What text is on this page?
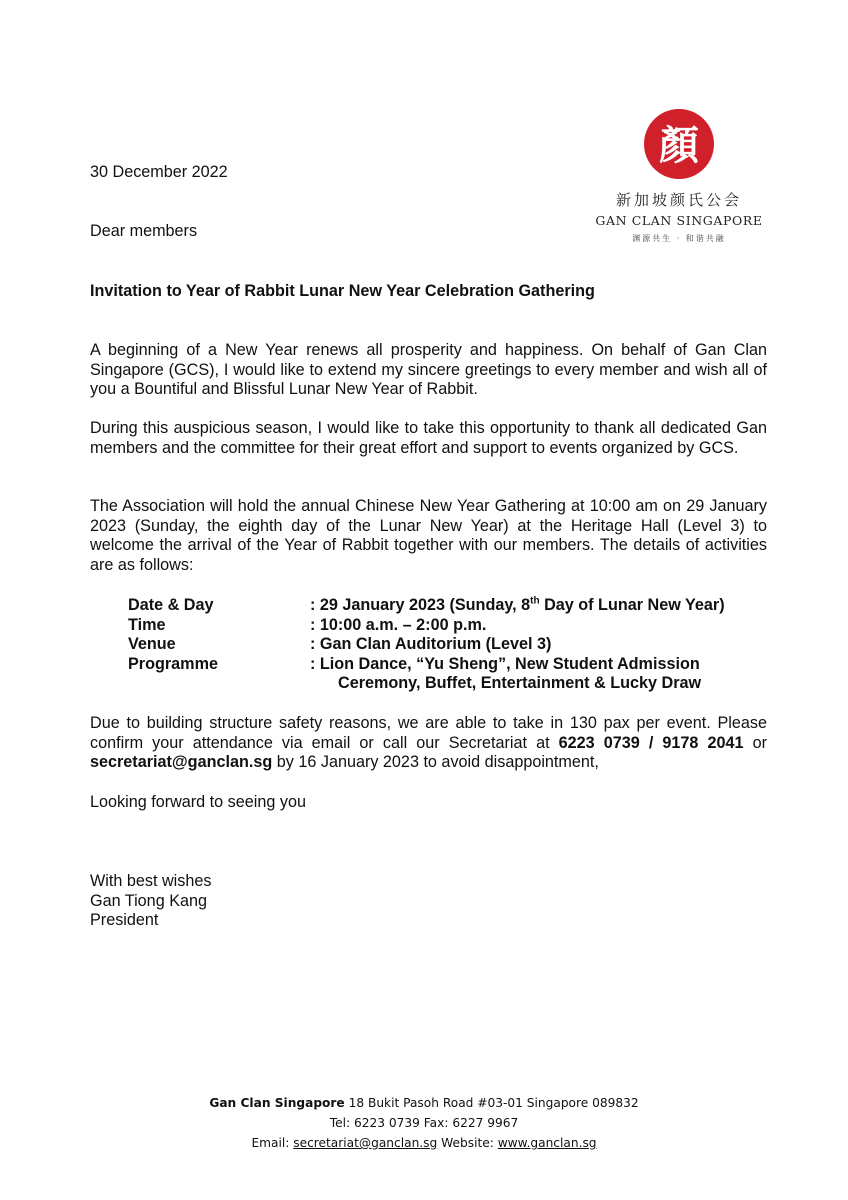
顏
新加坡颜氏公会
GAN CLAN SINGAPORE
渊源共生 · 和谐共融
30 December 2022
Dear members
Invitation to Year of Rabbit Lunar New Year Celebration Gathering
A beginning of a New Year renews all prosperity and happiness. On behalf of Gan Clan Singapore (GCS), I would like to extend my sincere greetings to every member and wish all of you a Bountiful and Blissful Lunar New Year of Rabbit.
During this auspicious season, I would like to take this opportunity to thank all dedicated Gan members and the committee for their great effort and support to events organized by GCS.
The Association will hold the annual Chinese New Year Gathering at 10:00 am on 29 January 2023 (Sunday, the eighth day of the Lunar New Year) at the Heritage Hall (Level 3) to welcome the arrival of the Year of Rabbit together with our members. The details of activities are as follows:
Date & Day	: 29 January 2023 (Sunday, 8th Day of Lunar New Year)
Time	: 10:00 a.m. – 2:00 p.m.
Venue	: Gan Clan Auditorium (Level 3)
Programme	: Lion Dance, “Yu Sheng”, New Student Admission
Ceremony, Buffet, Entertainment & Lucky Draw
Due to building structure safety reasons, we are able to take in 130 pax per event. Please confirm your attendance via email or call our Secretariat at 6223 0739 / 9178 2041 or secretariat@ganclan.sg by 16 January 2023 to avoid disappointment,
Looking forward to seeing you
With best wishes
Gan Tiong Kang
President
Gan Clan Singapore 18 Bukit Pasoh Road #03-01 Singapore 089832
Tel: 6223 0739 Fax: 6227 9967
Email: secretariat@ganclan.sg Website: www.ganclan.sg
